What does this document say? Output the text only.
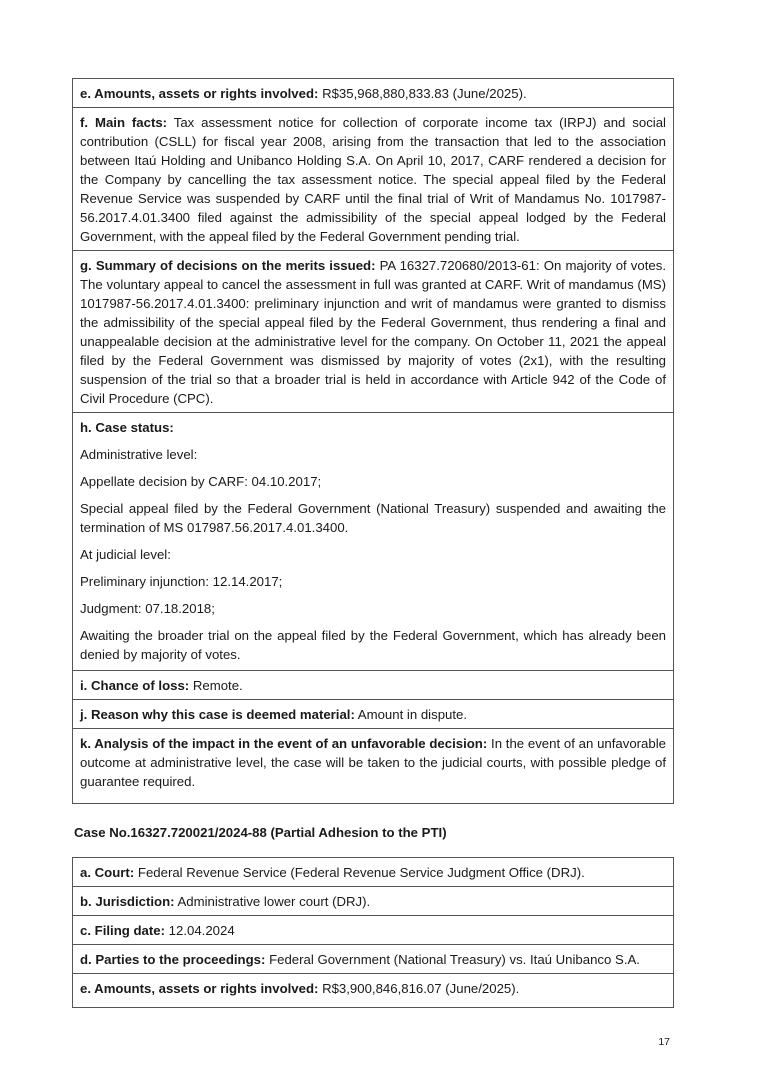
e. Amounts, assets or rights involved: R$35,968,880,833.83 (June/2025).
f. Main facts: Tax assessment notice for collection of corporate income tax (IRPJ) and social contribution (CSLL) for fiscal year 2008, arising from the transaction that led to the association between Itaú Holding and Unibanco Holding S.A. On April 10, 2017, CARF rendered a decision for the Company by cancelling the tax assessment notice. The special appeal filed by the Federal Revenue Service was suspended by CARF until the final trial of Writ of Mandamus No. 1017987-56.2017.4.01.3400 filed against the admissibility of the special appeal lodged by the Federal Government, with the appeal filed by the Federal Government pending trial.
g. Summary of decisions on the merits issued: PA 16327.720680/2013-61: On majority of votes. The voluntary appeal to cancel the assessment in full was granted at CARF. Writ of mandamus (MS) 1017987-56.2017.4.01.3400: preliminary injunction and writ of mandamus were granted to dismiss the admissibility of the special appeal filed by the Federal Government, thus rendering a final and unappealable decision at the administrative level for the company. On October 11, 2021 the appeal filed by the Federal Government was dismissed by majority of votes (2x1), with the resulting suspension of the trial so that a broader trial is held in accordance with Article 942 of the Code of Civil Procedure (CPC).

h. Case status:

Administrative level:

Appellate decision by CARF: 04.10.2017;

Special appeal filed by the Federal Government (National Treasury) suspended and awaiting the termination of MS 017987.56.2017.4.01.3400.

At judicial level:

Preliminary injunction: 12.14.2017;

Judgment: 07.18.2018;

Awaiting the broader trial on the appeal filed by the Federal Government, which has already been denied by majority of votes.

i. Chance of loss: Remote.
j. Reason why this case is deemed material: Amount in dispute.
k. Analysis of the impact in the event of an unfavorable decision: In the event of an unfavorable outcome at administrative level, the case will be taken to the judicial courts, with possible pledge of guarantee required.
Case No.16327.720021/2024-88 (Partial Adhesion to the PTI)
a. Court: Federal Revenue Service (Federal Revenue Service Judgment Office (DRJ).
b. Jurisdiction: Administrative lower court (DRJ).
c. Filing date: 12.04.2024
d. Parties to the proceedings: Federal Government (National Treasury) vs. Itaú Unibanco S.A.
e. Amounts, assets or rights involved: R$3,900,846,816.07 (June/2025).
17
